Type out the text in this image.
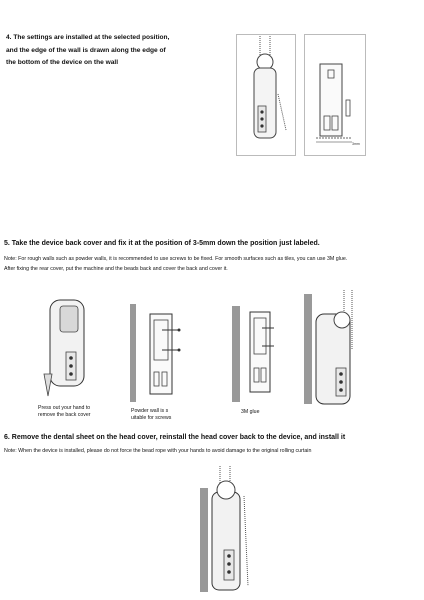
4. The settings are installed at the selected position,
and the edge of the wall is drawn along the edge of
the bottom of the device on the wall
3mm
5. Take the device back cover and fix it at the position of 3-5mm down the position just labeled.
Note: For rough walls such as powder walls, it is recommended to use screws to be fixed. For smooth surfaces such as tiles, you can use 3M glue.
After fixing the rear cover, put the machine and the beads back and cover the back and cover it.
Press out your hand to
remove the back cover
Powder wall is s
uitable for screws
3M glue
6. Remove the dental sheet on the head cover, reinstall the head cover back to the device, and install it
Note: When the device is installed, please do not force the bead rope with your hands to avoid damage to the original rolling curtain
